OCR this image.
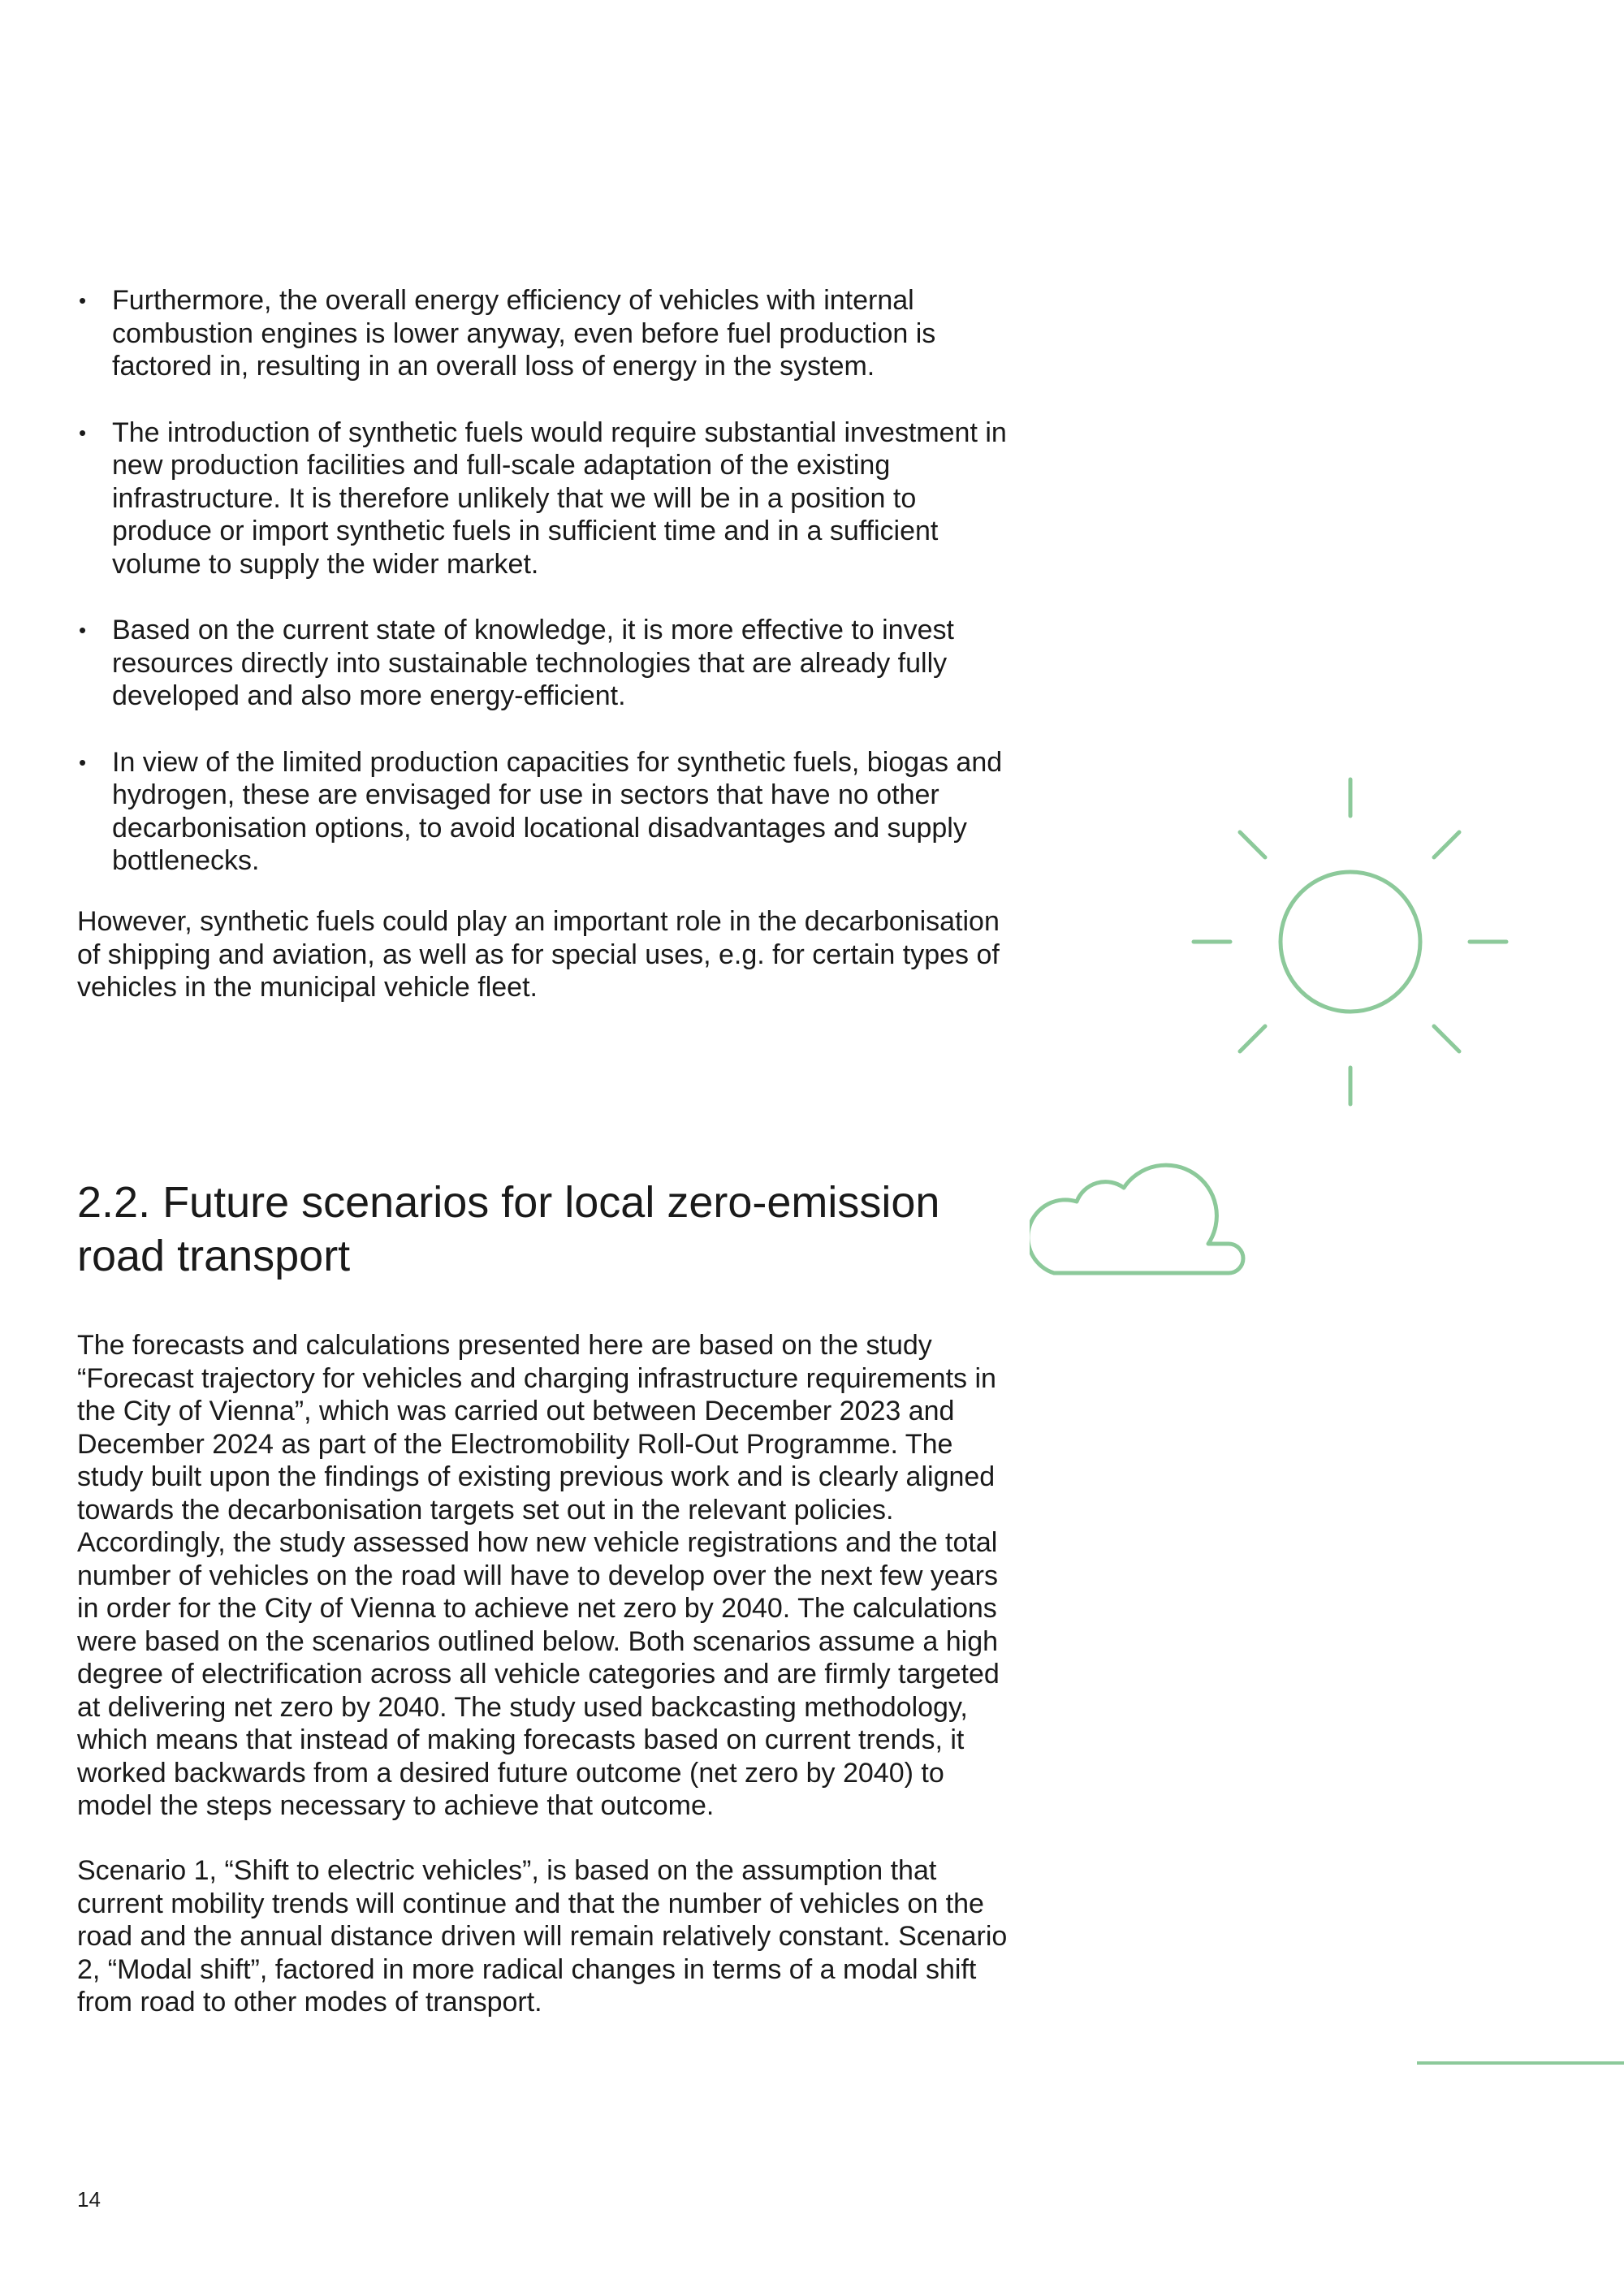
• Furthermore, the overall energy efficiency of vehicles with internal combustion engines is lower anyway, even before fuel production is factored in, resulting in an overall loss of energy in the system.
• The introduction of synthetic fuels would require substantial investment in new production facilities and full-scale adaptation of the existing infrastructure. It is therefore unlikely that we will be in a position to produce or import synthetic fuels in sufficient time and in a sufficient volume to supply the wider market.
• Based on the current state of knowledge, it is more effective to invest resources directly into sustainable technologies that are already fully developed and also more energy-efficient.
• In view of the limited production capacities for synthetic fuels, biogas and hydrogen, these are envisaged for use in sectors that have no other decarbonisation options, to avoid locational disadvantages and supply bottlenecks.

However, synthetic fuels could play an important role in the decarbonisation of shipping and aviation, as well as for special uses, e.g. for certain types of vehicles in the municipal vehicle fleet.

2.2. Future scenarios for local zero-emission road transport

The forecasts and calculations presented here are based on the study “Forecast trajectory for vehicles and charging infrastructure requirements in the City of Vienna”, which was carried out between December 2023 and December 2024 as part of the Electromobility Roll-Out Programme. The study built upon the findings of existing previous work and is clearly aligned towards the decarbonisation targets set out in the relevant policies. Accordingly, the study assessed how new vehicle registrations and the total number of vehicles on the road will have to develop over the next few years in order for the City of Vienna to achieve net zero by 2040. The calculations were based on the scenarios outlined below. Both scenarios assume a high degree of electrification across all vehicle categories and are firmly targeted at delivering net zero by 2040. The study used backcasting methodology, which means that instead of making forecasts based on current trends, it worked backwards from a desired future outcome (net zero by 2040) to model the steps necessary to achieve that outcome.

Scenario 1, “Shift to electric vehicles”, is based on the assumption that current mobility trends will continue and that the number of vehicles on the road and the annual distance driven will remain relatively constant. Scenario 2, “Modal shift”, factored in more radical changes in terms of a modal shift from road to other modes of transport.

14
